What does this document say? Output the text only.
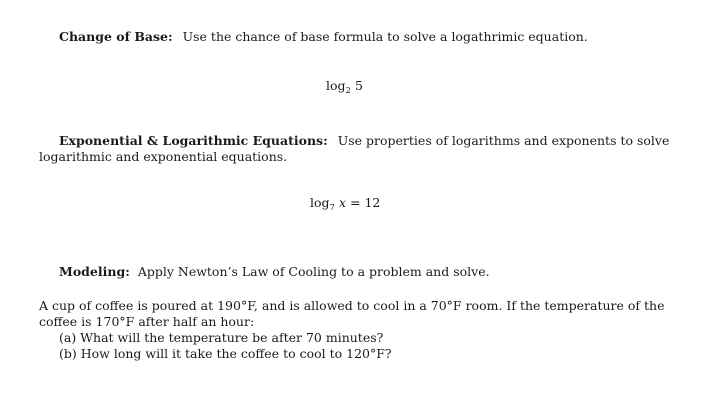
Change of Base: Use the chance of base formula to solve a logathrimic equation.
$\log_2 5$
Exponential & Logarithmic Equations: Use properties of logarithms and exponents to solve
logarithmic and exponential equations.
$\log_7 x = 12$
Modeling: Apply Newton’s Law of Cooling to a problem and solve.
A cup of coffee is poured at 190°F, and is allowed to cool in a 70°F room. If the temperature of the
coffee is 170°F after half an hour:
(a) What will the temperature be after 70 minutes?
(b) How long will it take the coffee to cool to 120°F?
